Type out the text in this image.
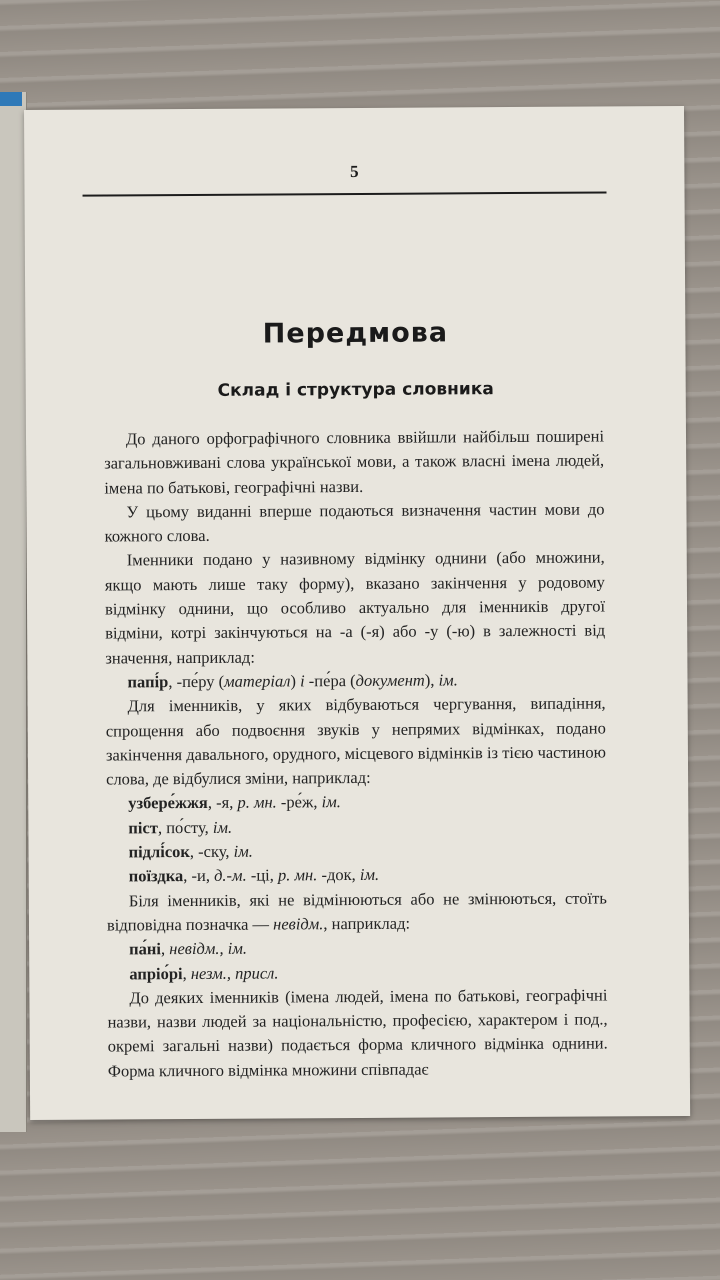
5
Передмова
Склад і структура словника

До даного орфографічного словника ввійшли найбільш поширені загальновживані слова української мови, а також власні імена людей, імена по батькові, географічні назви.

У цьому виданні вперше подаються визначення частин мови до кожного слова.

Іменники подано у називному відмінку однини (або множини, якщо мають лише таку форму), вказано закінчення у родовому відмінку однини, що особливо актуально для іменників другої відміни, котрі закінчуються на -а (-я) або -у (-ю) в залежності від значення, наприклад:

папі́р, -пе́ру (матеріал) і -пе́ра (документ), ім.

Для іменників, у яких відбуваються чергування, випадіння, спрощення або подвоєння звуків у непрямих відмінках, подано закінчення давального, орудного, місцевого відмінків із тією частиною слова, де відбулися зміни, наприклад:

узбере́жжя, -я, р. мн. -ре́ж, ім.

піст, по́сту, ім.

підлі́сок, -ску, ім.

поїздка, -и, д.-м. -ці, р. мн. -док, ім.

Біля іменників, які не відмінюються або не змінюються, стоїть відповідна позначка — невідм., наприклад:

па́ні, невідм., ім.

апріо́рі, незм., присл.

До деяких іменників (імена людей, імена по батькові, географічні назви, назви людей за національністю, професією, характером і под., окремі загальні назви) подається форма кличного відмінка однини. Форма кличного відмінка множини співпадає
